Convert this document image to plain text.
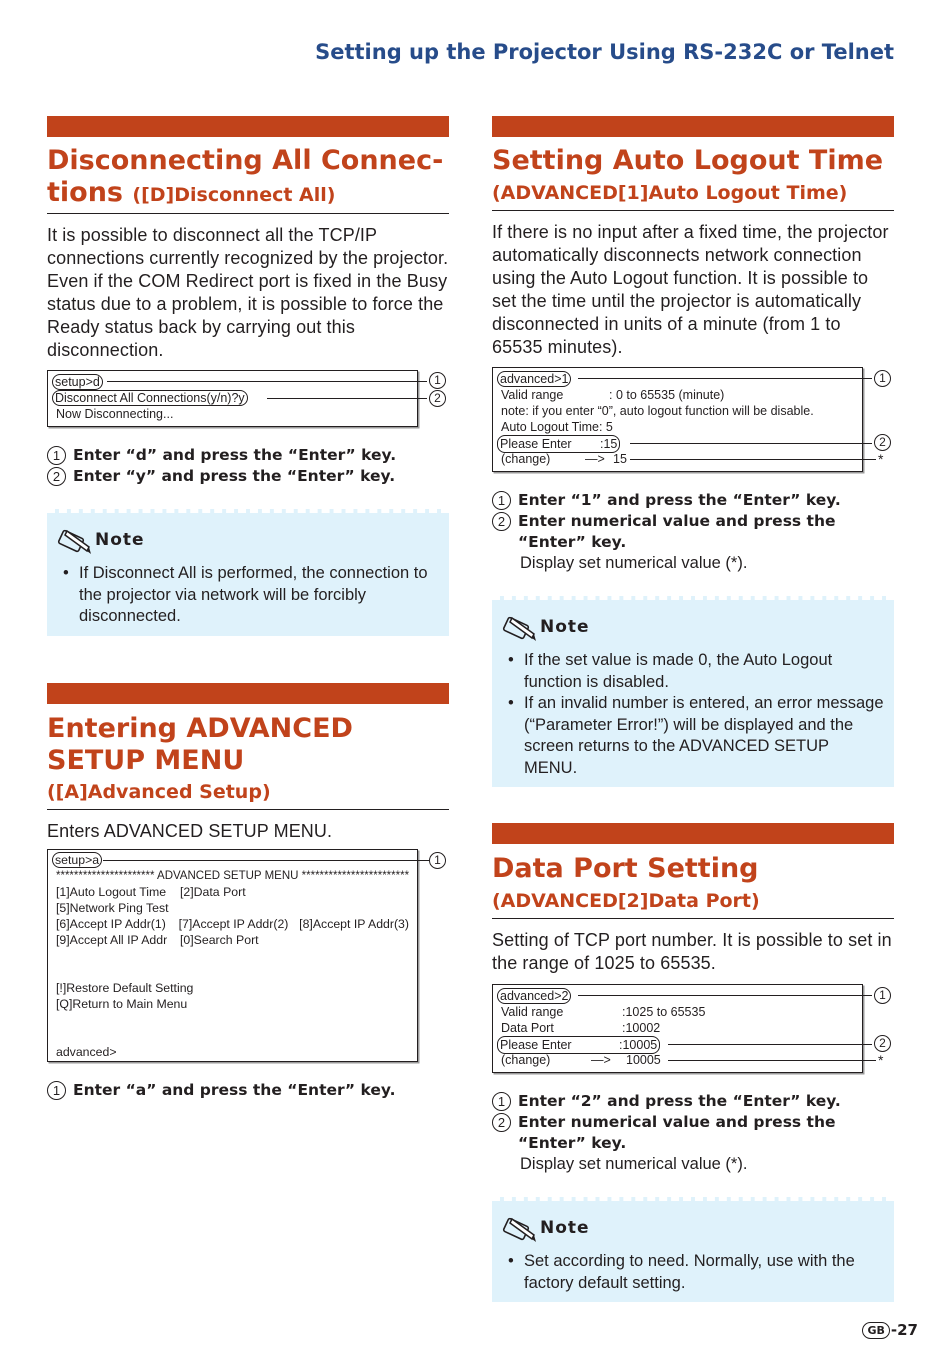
Setting up the Projector Using RS-232C or Telnet
Disconnecting All Connec-
tions ([D]Disconnect All)
It is possible to disconnect all the TCP/IP connections currently recognized by the projector. Even if the COM Redirect port is fixed in the Busy status due to a problem, it is possible to force the Ready status back by carrying out this disconnection.
setup>d
Disconnect All Connections(y/n)?y
Now Disconnecting...
1
2
1 Enter “d” and press the “Enter” key.
2 Enter “y” and press the “Enter” key.
Note
• If Disconnect All is performed, the connection to the projector via network will be forcibly disconnected.
Entering ADVANCED
SETUP MENU
([A]Advanced Setup)
Enters ADVANCED SETUP MENU.
setup>a
********************** ADVANCED SETUP MENU ************************
[1]Auto Logout Time	[2]Data Port
[5]Network Ping Test
[6]Accept IP Addr(1)	[7]Accept IP Addr(2) [8]Accept IP Addr(3)
[9]Accept All IP Addr	[0]Search Port
[!]Restore Default Setting
[Q]Return to Main Menu
advanced>
1
1 Enter “a” and press the “Enter” key.
Setting Auto Logout Time
(ADVANCED[1]Auto Logout Time)
If there is no input after a fixed time, the projector automatically disconnects network connection using the Auto Logout function. It is possible to set the time until the projector is automatically disconnected in units of a minute (from 1 to 65535 minutes).
advanced>1
Valid range	: 0 to 65535 (minute)
note: if you enter “0”, auto logout function will be disable.
Auto Logout Time: 5
Please Enter	:15
(change)	—> 15
1
2
*
1 Enter “1” and press the “Enter” key.
2 Enter numerical value and press the “Enter” key.
Display set numerical value (*).
Note
• If the set value is made 0, the Auto Logout function is disabled.
• If an invalid number is entered, an error message (“Parameter Error!”) will be displayed and the screen returns to the ADVANCED SETUP MENU.
Data Port Setting
(ADVANCED[2]Data Port)
Setting of TCP port number. It is possible to set in the range of 1025 to 65535.
advanced>2
Valid range	:1025 to 65535
Data Port	:10002
Please Enter	:10005
(change)	—>	10005
1
2
*
1 Enter “2” and press the “Enter” key.
2 Enter numerical value and press the “Enter” key.
Display set numerical value (*).
Note
• Set according to need. Normally, use with the factory default setting.
GB -27
